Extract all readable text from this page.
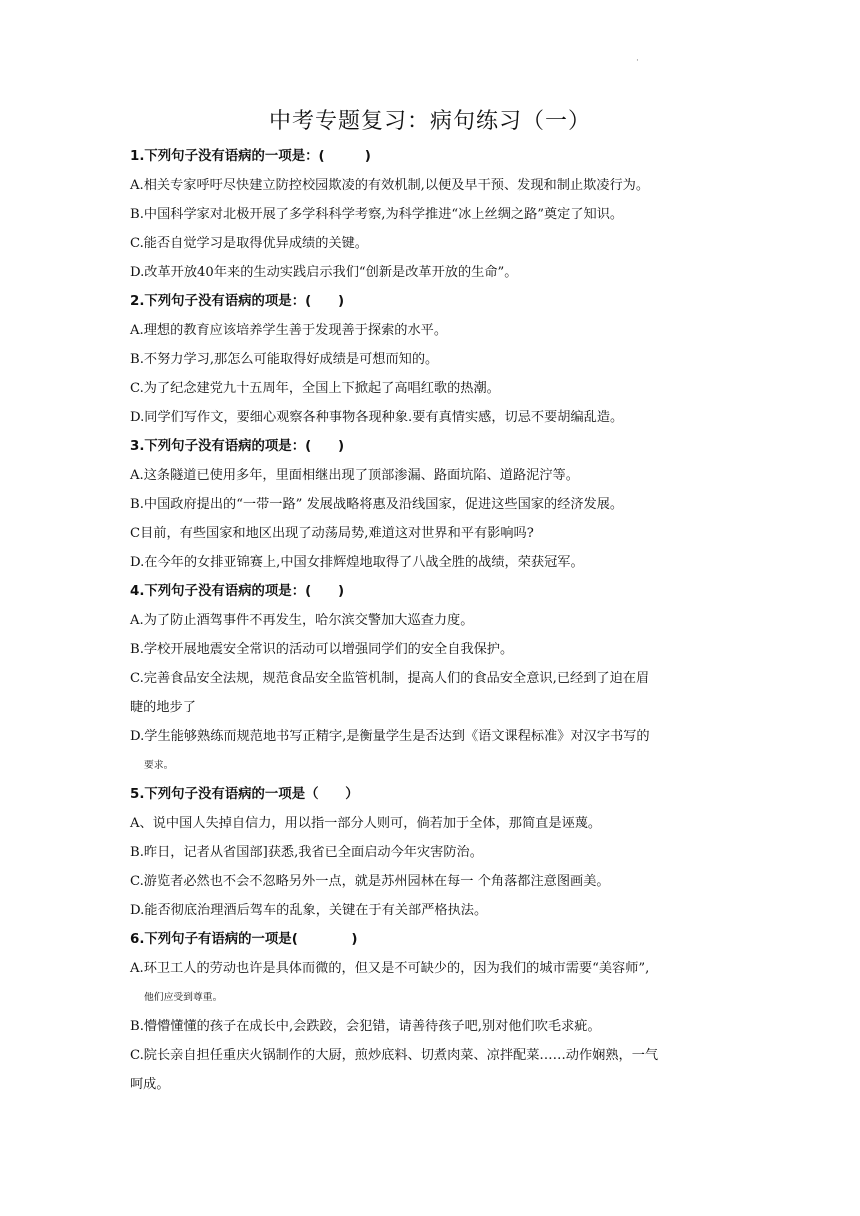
·
中考专题复习：病句练习（一）
1.下列句子没有语病的一项是：(　　　)
A.相关专家呼吁尽快建立防控校园欺凌的有效机制,以便及早干预、发现和制止欺凌行为。
B.中国科学家对北极开展了多学科科学考察,为科学推进“冰上丝绸之路”奠定了知识。
C.能否自觉学习是取得优异成绩的关键。
D.改革开放40年来的生动实践启示我们“创新是改革开放的生命”。
2.下列句子没有语病的项是：(　　)
A.理想的教育应该培养学生善于发现善于探索的水平。
B.不努力学习,那怎么可能取得好成绩是可想而知的。
C.为了纪念建党九十五周年，全国上下掀起了高唱红歌的热潮。
D.同学们写作文，要细心观察各种事物各现种象.要有真情实感，切忌不要胡编乱造。
3.下列句子没有语病的项是：(　　)
A.这条隧道已使用多年，里面相继出现了顶部渗漏、路面坑陷、道路泥泞等。
B.中国政府提出的“一带一路” 发展战略将惠及沿线国家，促进这些国家的经济发展。
C目前，有些国家和地区出现了动荡局势,难道这对世界和平有影响吗?
D.在今年的女排亚锦赛上,中国女排辉煌地取得了八战全胜的战绩，荣获冠军。
4.下列句子没有语病的项是：(　　)
A.为了防止酒驾事件不再发生，哈尔滨交警加大巡查力度。
B.学校开展地震安全常识的活动可以增强同学们的安全自我保护。
C.完善食品安全法规，规范食品安全监管机制，提高人们的食品安全意识,已经到了迫在眉
睫的地步了
D.学生能够熟练而规范地书写正精字,是衡量学生是否达到《语文课程标准》对汉字书写的
要求。
5.下列句子没有语病的一项是（　　）
A、说中国人失掉自信力，用以指一部分人则可，倘若加于全体，那简直是诬蔑。
B.昨日，记者从省国部]获悉,我省已全面启动今年灾害防治。
C.游览者必然也不会不忽略另外一点，就是苏州园林在每一 个角落都注意图画美。
D.能否彻底治理酒后驾车的乱象，关键在于有关部严格执法。
6.下列句子有语病的一项是(　　　　)
A.环卫工人的劳动也许是具体而微的，但又是不可缺少的，因为我们的城市需要“美容师”,
他们应受到尊重。
B.懵懵懂懂的孩子在成长中,会跌跤，会犯错，请善待孩子吧,别对他们吹毛求疵。
C.院长亲自担任重庆火锅制作的大厨，煎炒底料、切煮肉菜、凉拌配菜……动作娴熟，一气
呵成。
